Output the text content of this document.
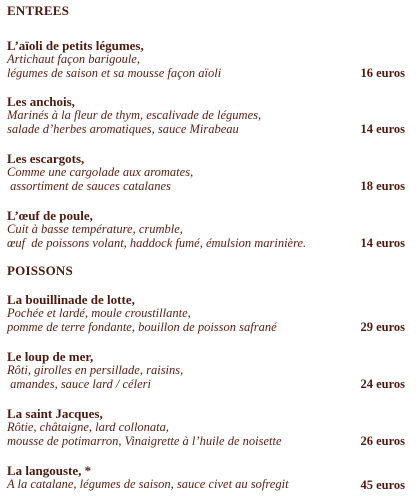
ENTREES
L’aïoli de petits légumes,
Artichaut façon barigoule,
légumes de saison et sa mousse façon aïoli	16 euros
Les anchois,
Marinés à la fleur de thym, escalivade de légumes,
salade d’herbes aromatiques, sauce Mirabeau	14 euros
Les escargots,
Comme une cargolade aux aromates,
assortiment de sauces catalanes	18 euros
L’œuf de poule,
Cuit à basse température, crumble,
œuf  de poissons volant, haddock fumé, émulsion marinière.	14 euros
POISSONS
La bouillinade de lotte,
Pochée et lardé, moule croustillante,
pomme de terre fondante, bouillon de poisson safrané	29 euros
Le loup de mer,
Rôti, girolles en persillade, raisins,
amandes, sauce lard / céleri	24 euros
La saint Jacques,
Rôtie, châtaigne, lard collonata,
mousse de potimarron, Vinaigrette à l’huile de noisette	26 euros
La langouste, *
A la catalane, légumes de saison, sauce civet au sofregit	45 euros
